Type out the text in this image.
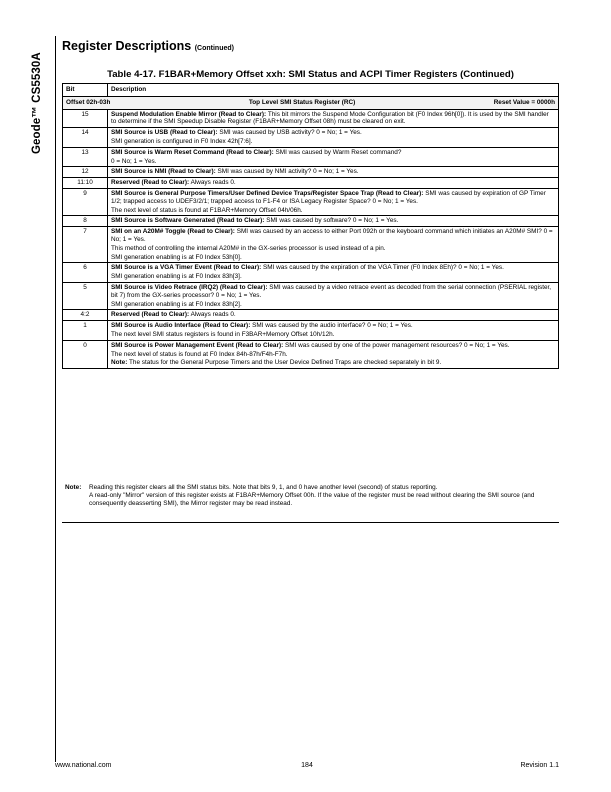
Geode™ CS5530A
Register Descriptions (Continued)
Table 4-17. F1BAR+Memory Offset xxh: SMI Status and ACPI Timer Registers (Continued)
Bit	Description

Offset 02h-03h Top Level SMI Status Register (RC) Reset Value = 0000h	

15	Suspend Modulation Enable Mirror (Read to Clear): This bit mirrors the Suspend Mode Configuration bit (F0 Index 96h[0]). It is used by the SMI handler to determine if the SMI Speedup Disable Register (F1BAR+Memory Offset 08h) must be cleared on exit.

14	SMI Source is USB (Read to Clear): SMI was caused by USB activity? 0 = No; 1 = Yes.
SMI generation is configured in F0 Index 42h[7:6].

13	SMI Source is Warm Reset Command (Read to Clear): SMI was caused by Warm Reset command?
0 = No; 1 = Yes.

12	SMI Source is NMI (Read to Clear): SMI was caused by NMI activity? 0 = No; 1 = Yes.

11:10	Reserved (Read to Clear): Always reads 0.

9	SMI Source is General Purpose Timers/User Defined Device Traps/Register Space Trap (Read to Clear): SMI was caused by expiration of GP Timer 1/2; trapped access to UDEF3/2/1; trapped access to F1-F4 or ISA Legacy Register Space? 0 = No; 1 = Yes.
The next level of status is found at F1BAR+Memory Offset 04h/06h.

8	SMI Source is Software Generated (Read to Clear): SMI was caused by software? 0 = No; 1 = Yes.

7	SMI on an A20M# Toggle (Read to Clear): SMI was caused by an access to either Port 092h or the keyboard command which initiates an A20M# SMI? 0 = No; 1 = Yes.
This method of controlling the internal A20M# in the GX-series processor is used instead of a pin.
SMI generation enabling is at F0 Index 53h[0].

6	SMI Source is a VGA Timer Event (Read to Clear): SMI was caused by the expiration of the VGA Timer (F0 Index 8Eh)? 0 = No; 1 = Yes.
SMI generation enabling is at F0 Index 83h[3].

5	SMI Source is Video Retrace (IRQ2) (Read to Clear): SMI was caused by a video retrace event as decoded from the serial connection (PSERIAL register, bit 7) from the GX-series processor? 0 = No; 1 = Yes.
SMI generation enabling is at F0 Index 83h[2].

4:2	Reserved (Read to Clear): Always reads 0.

1	SMI Source is Audio Interface (Read to Clear): SMI was caused by the audio interface? 0 = No; 1 = Yes.
The next level SMI status registers is found in F3BAR+Memory Offset 10h/12h.

0	SMI Source is Power Management Event (Read to Clear): SMI was caused by one of the power management resources? 0 = No; 1 = Yes.
The next level of status is found at F0 Index 84h-87h/F4h-F7h.
Note: The status for the General Purpose Timers and the User Device Defined Traps are checked separately in bit 9.
Note: Reading this register clears all the SMI status bits. Note that bits 9, 1, and 0 have another level (second) of status reporting.

A read-only "Mirror" version of this register exists at F1BAR+Memory Offset 00h. If the value of the register must be read without clearing the SMI source (and consequently deasserting SMI), the Mirror register may be read instead.

www.national.com	184	Revision 1.1
